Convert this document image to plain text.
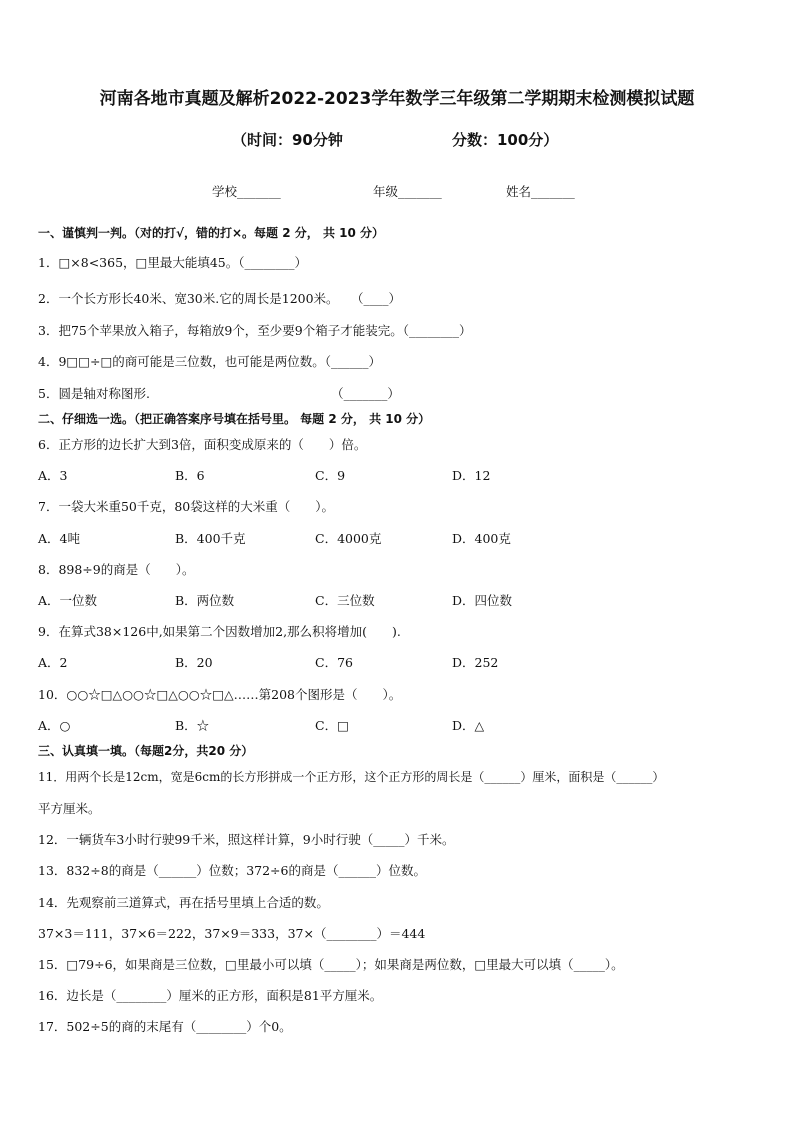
河南各地市真题及解析2022-2023学年数学三年级第二学期期末检测模拟试题
（时间：90分钟	分数：100分）
学校_______	年级_______	姓名_______
一、谨慎判一判。（对的打√，错的打×。每题 2 分， 共 10 分）
1．□×8<365，□里最大能填45。（________）
2．一个长方形长40米、宽30米.它的周长是1200米。　　（____）
3．把75个苹果放入箱子，每箱放9个，至少要9个箱子才能装完。（________）
4．9□□÷□的商可能是三位数，也可能是两位数。（______）
5．圆是轴对称图形.　　　　　　　　　　　　　　　（_______）
二、仔细选一选。（把正确答案序号填在括号里。 每题 2 分， 共 10 分）
6．正方形的边长扩大到3倍，面积变成原来的（　　）倍。
A．3	B．6	C．9	D．12
7．一袋大米重50千克，80袋这样的大米重（　　）。
A．4吨	B．400千克	C．4000克	D．400克
8．898÷9的商是（　　）。
A．一位数	B．两位数	C．三位数	D．四位数
9．在算式38×126中,如果第二个因数增加2,那么积将增加(　　).
A．2	B．20	C．76	D．252
10．○○☆□△○○☆□△○○☆□△……第208个图形是（　　）。
A．○	B．☆	C．□	D．△
三、认真填一填。（每题2分，共20 分）
11．用两个长是12cm，宽是6cm的长方形拼成一个正方形，这个正方形的周长是（______）厘米，面积是（______）
平方厘米。
12．一辆货车3小时行驶99千米，照这样计算，9小时行驶（_____）千米。
13．832÷8的商是（______）位数；372÷6的商是（______）位数。
14．先观察前三道算式，再在括号里填上合适的数。
37×3＝111，37×6＝222，37×9＝333，37×（________）＝444
15．□79÷6，如果商是三位数，□里最小可以填（_____）；如果商是两位数，□里最大可以填（_____）。
16．边长是（________）厘米的正方形，面积是81平方厘米。
17．502÷5的商的末尾有（________）个0。
